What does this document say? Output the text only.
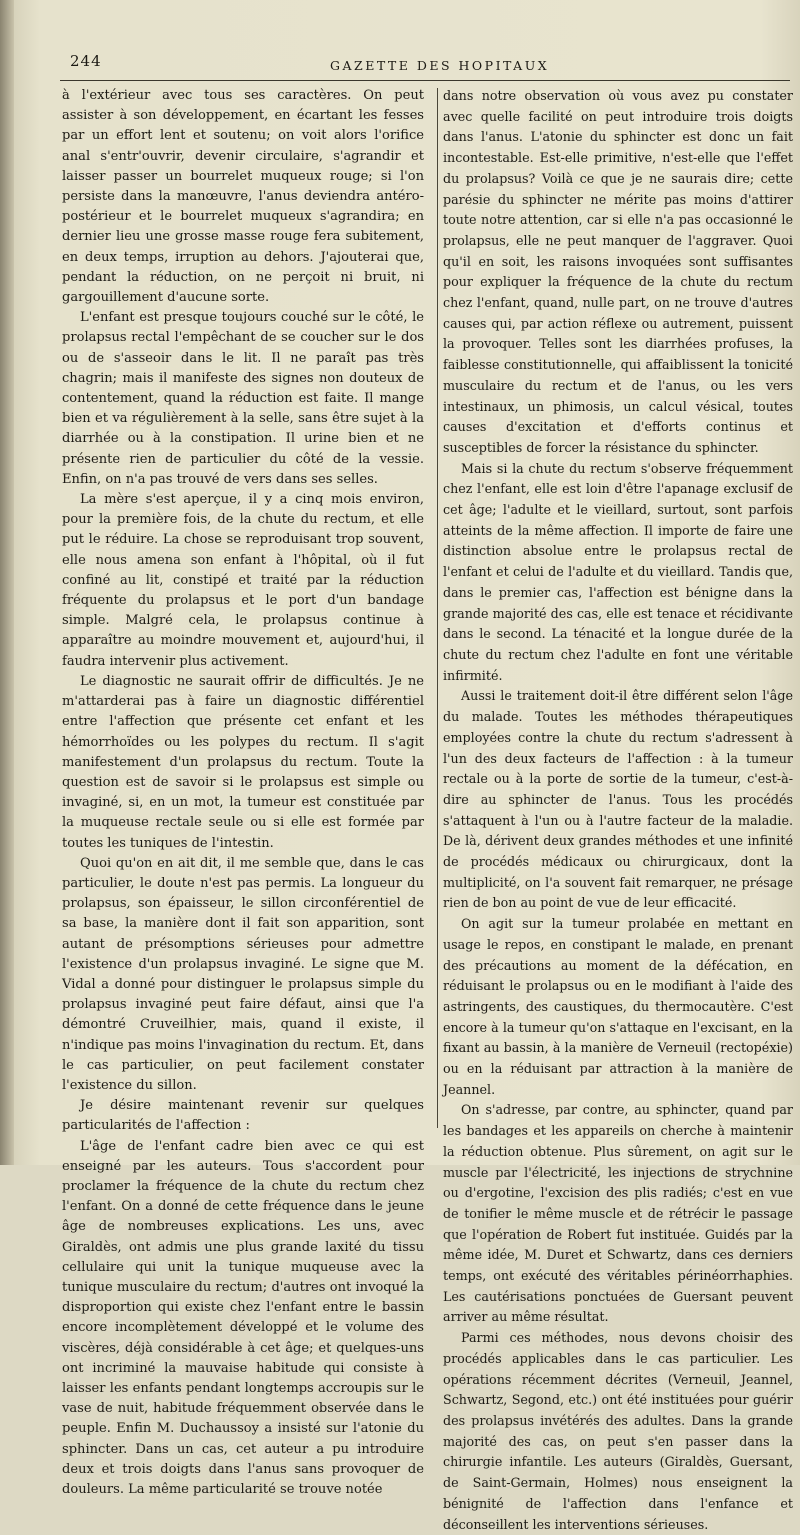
244	GAZETTE DES HOPITAUX

à l'extérieur avec tous ses caractères. On peut assister à son développement, en écartant les fesses par un effort lent et soutenu; on voit alors l'orifice anal s'entr'ouvrir, devenir circulaire, s'agrandir et laisser passer un bourrelet muqueux rouge; si l'on persiste dans la manœuvre, l'anus deviendra antéro-postérieur et le bourrelet muqueux s'agrandira; en dernier lieu une grosse masse rouge fera subitement, en deux temps, irruption au dehors. J'ajouterai que, pendant la réduction, on ne perçoit ni bruit, ni gargouillement d'aucune sorte.

L'enfant est presque toujours couché sur le côté, le prolapsus rectal l'empêchant de se coucher sur le dos ou de s'asseoir dans le lit. Il ne paraît pas très chagrin; mais il manifeste des signes non douteux de contentement, quand la réduction est faite. Il mange bien et va régulièrement à la selle, sans être sujet à la diarrhée ou à la constipation. Il urine bien et ne présente rien de particulier du côté de la vessie. Enfin, on n'a pas trouvé de vers dans ses selles.

La mère s'est aperçue, il y a cinq mois environ, pour la première fois, de la chute du rectum, et elle put le réduire. La chose se reproduisant trop souvent, elle nous amena son enfant à l'hôpital, où il fut confiné au lit, constipé et traité par la réduction fréquente du prolapsus et le port d'un bandage simple. Malgré cela, le prolapsus continue à apparaître au moindre mouvement et, aujourd'hui, il faudra intervenir plus activement.

Le diagnostic ne saurait offrir de difficultés. Je ne m'attarderai pas à faire un diagnostic différentiel entre l'affection que présente cet enfant et les hémorrhoïdes ou les polypes du rectum. Il s'agit manifestement d'un prolapsus du rectum. Toute la question est de savoir si le prolapsus est simple ou invaginé, si, en un mot, la tumeur est constituée par la muqueuse rectale seule ou si elle est formée par toutes les tuniques de l'intestin.

Quoi qu'on en ait dit, il me semble que, dans le cas particulier, le doute n'est pas permis. La longueur du prolapsus, son épaisseur, le sillon circonférentiel de sa base, la manière dont il fait son apparition, sont autant de présomptions sérieuses pour admettre l'existence d'un prolapsus invaginé. Le signe que M. Vidal a donné pour distinguer le prolapsus simple du prolapsus invaginé peut faire défaut, ainsi que l'a démontré Cruveilhier, mais, quand il existe, il n'indique pas moins l'invagination du rectum. Et, dans le cas particulier, on peut facilement constater l'existence du sillon.

Je désire maintenant revenir sur quelques particularités de l'affection :

L'âge de l'enfant cadre bien avec ce qui est enseigné par les auteurs. Tous s'accordent pour proclamer la fréquence de la chute du rectum chez l'enfant. On a donné de cette fréquence dans le jeune âge de nombreuses explications. Les uns, avec Giraldès, ont admis une plus grande laxité du tissu cellulaire qui unit la tunique muqueuse avec la tunique musculaire du rectum; d'autres ont invoqué la disproportion qui existe chez l'enfant entre le bassin encore incomplètement développé et le volume des viscères, déjà considérable à cet âge; et quelques-uns ont incriminé la mauvaise habitude qui consiste à laisser les enfants pendant longtemps accroupis sur le vase de nuit, habitude fréquemment observée dans le peuple. Enfin M. Duchaussoy a insisté sur l'atonie du sphincter. Dans un cas, cet auteur a pu introduire deux et trois doigts dans l'anus sans provoquer de douleurs. La même particularité se trouve notée

dans notre observation où vous avez pu constater avec quelle facilité on peut introduire trois doigts dans l'anus. L'atonie du sphincter est donc un fait incontestable. Est-elle primitive, n'est-elle que l'effet du prolapsus? Voilà ce que je ne saurais dire; cette parésie du sphincter ne mérite pas moins d'attirer toute notre attention, car si elle n'a pas occasionné le prolapsus, elle ne peut manquer de l'aggraver. Quoi qu'il en soit, les raisons invoquées sont suffisantes pour expliquer la fréquence de la chute du rectum chez l'enfant, quand, nulle part, on ne trouve d'autres causes qui, par action réflexe ou autrement, puissent la provoquer. Telles sont les diarrhées profuses, la faiblesse constitutionnelle, qui affaiblissent la tonicité musculaire du rectum et de l'anus, ou les vers intestinaux, un phimosis, un calcul vésical, toutes causes d'excitation et d'efforts continus et susceptibles de forcer la résistance du sphincter.

Mais si la chute du rectum s'observe fréquemment chez l'enfant, elle est loin d'être l'apanage exclusif de cet âge; l'adulte et le vieillard, surtout, sont parfois atteints de la même affection. Il importe de faire une distinction absolue entre le prolapsus rectal de l'enfant et celui de l'adulte et du vieillard. Tandis que, dans le premier cas, l'affection est bénigne dans la grande majorité des cas, elle est tenace et récidivante dans le second. La ténacité et la longue durée de la chute du rectum chez l'adulte en font une véritable infirmité.

Aussi le traitement doit-il être différent selon l'âge du malade. Toutes les méthodes thérapeutiques employées contre la chute du rectum s'adressent à l'un des deux facteurs de l'affection : à la tumeur rectale ou à la porte de sortie de la tumeur, c'est-à-dire au sphincter de l'anus. Tous les procédés s'attaquent à l'un ou à l'autre facteur de la maladie. De là, dérivent deux grandes méthodes et une infinité de procédés médicaux ou chirurgicaux, dont la multiplicité, on l'a souvent fait remarquer, ne présage rien de bon au point de vue de leur efficacité.

On agit sur la tumeur prolabée en mettant en usage le repos, en constipant le malade, en prenant des précautions au moment de la défécation, en réduisant le prolapsus ou en le modifiant à l'aide des astringents, des caustiques, du thermocautère. C'est encore à la tumeur qu'on s'attaque en l'excisant, en la fixant au bassin, à la manière de Verneuil (rectopéxie) ou en la réduisant par attraction à la manière de Jeannel.

On s'adresse, par contre, au sphincter, quand par les bandages et les appareils on cherche à maintenir la réduction obtenue. Plus sûrement, on agit sur le muscle par l'électricité, les injections de strychnine ou d'ergotine, l'excision des plis radiés; c'est en vue de tonifier le même muscle et de rétrécir le passage que l'opération de Robert fut instituée. Guidés par la même idée, M. Duret et Schwartz, dans ces derniers temps, ont exécuté des véritables périnéorrhaphies. Les cautérisations ponctuées de Guersant peuvent arriver au même résultat.

Parmi ces méthodes, nous devons choisir des procédés applicables dans le cas particulier. Les opérations récemment décrites (Verneuil, Jeannel, Schwartz, Segond, etc.) ont été instituées pour guérir des prolapsus invétérés des adultes. Dans la grande majorité des cas, on peut s'en passer dans la chirurgie infantile. Les auteurs (Giraldès, Guersant, de Saint-Germain, Holmes) nous enseignent la bénignité de l'affection dans l'enfance et déconseillent les interventions sérieuses.
